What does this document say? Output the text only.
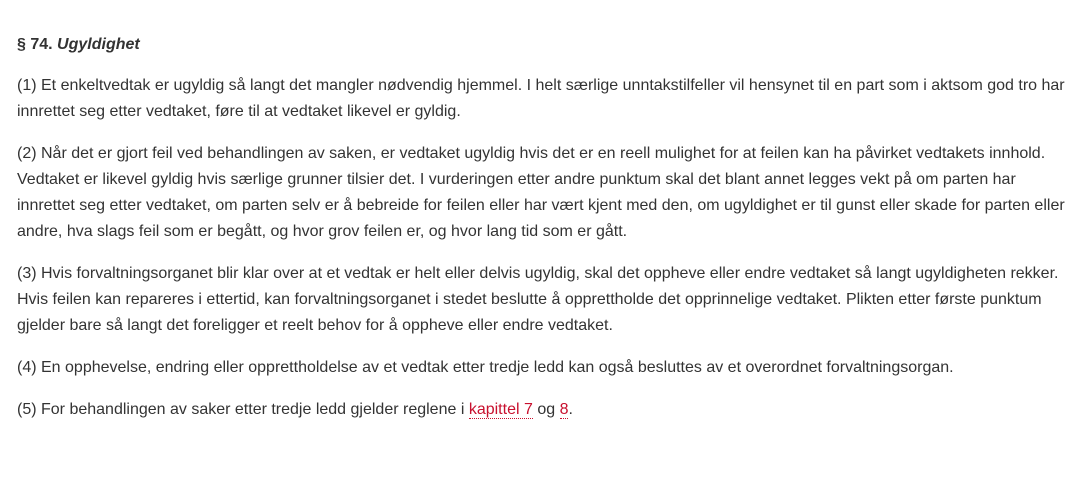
§ 74. Ugyldighet

(1) Et enkeltvedtak er ugyldig så langt det mangler nødvendig hjemmel. I helt særlige unntakstilfeller vil hensynet til en part som i aktsom god tro har innrettet seg etter vedtaket, føre til at vedtaket likevel er gyldig.

(2) Når det er gjort feil ved behandlingen av saken, er vedtaket ugyldig hvis det er en reell mulighet for at feilen kan ha påvirket vedtakets innhold. Vedtaket er likevel gyldig hvis særlige grunner tilsier det. I vurderingen etter andre punktum skal det blant annet legges vekt på om parten har innrettet seg etter vedtaket, om parten selv er å bebreide for feilen eller har vært kjent med den, om ugyldighet er til gunst eller skade for parten eller andre, hva slags feil som er begått, og hvor grov feilen er, og hvor lang tid som er gått.

(3) Hvis forvaltningsorganet blir klar over at et vedtak er helt eller delvis ugyldig, skal det oppheve eller endre vedtaket så langt ugyldigheten rekker. Hvis feilen kan repareres i ettertid, kan forvaltningsorganet i stedet beslutte å opprettholde det opprinnelige vedtaket. Plikten etter første punktum gjelder bare så langt det foreligger et reelt behov for å oppheve eller endre vedtaket.

(4) En opphevelse, endring eller opprettholdelse av et vedtak etter tredje ledd kan også besluttes av et overordnet forvaltningsorgan.

(5) For behandlingen av saker etter tredje ledd gjelder reglene i kapittel 7 og 8.
